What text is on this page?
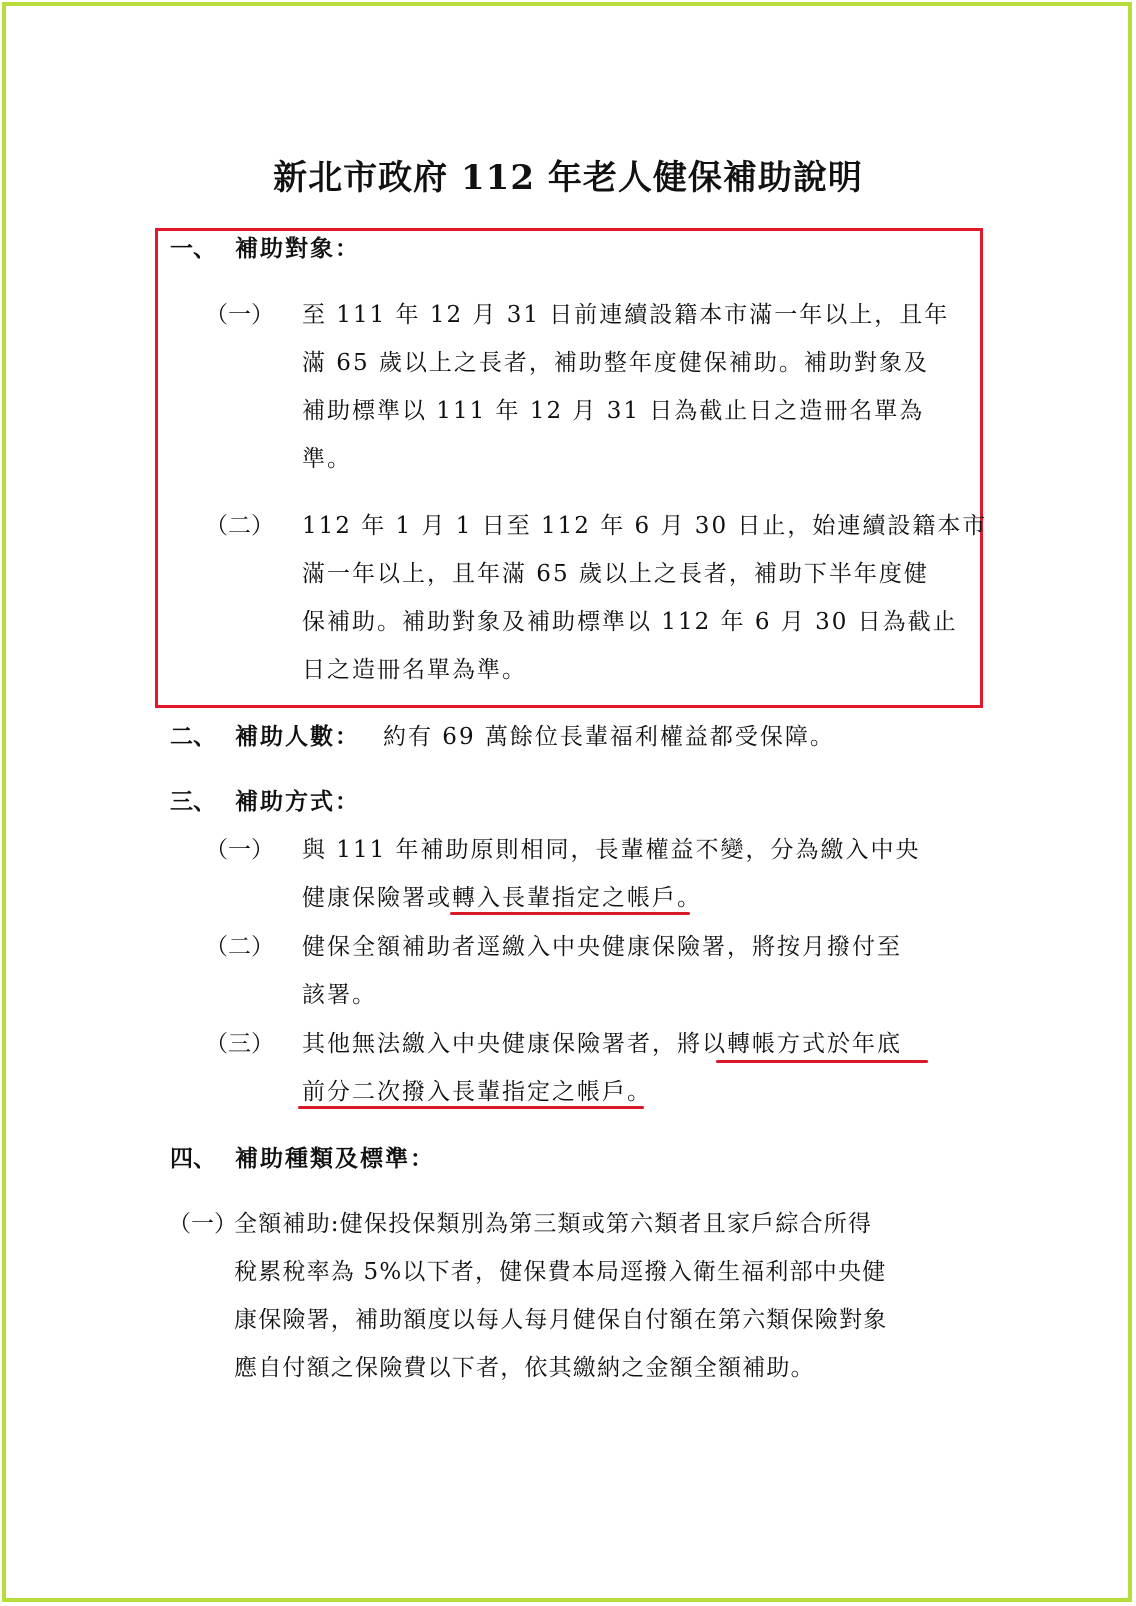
新北市政府 112 年老人健保補助說明
一、 補助對象：
（一） 至 111 年 12 月 31 日前連續設籍本市滿一年以上，且年
滿 65 歲以上之長者，補助整年度健保補助。補助對象及
補助標準以 111 年 12 月 31 日為截止日之造冊名單為
準。
（二） 112 年 1 月 1 日至 112 年 6 月 30 日止，始連續設籍本市
滿一年以上，且年滿 65 歲以上之長者，補助下半年度健
保補助。補助對象及補助標準以 112 年 6 月 30 日為截止
日之造冊名單為準。
二、 補助人數： 約有 69 萬餘位長輩福利權益都受保障。
三、 補助方式：
（一） 與 111 年補助原則相同，長輩權益不變，分為繳入中央
健康保險署或轉入長輩指定之帳戶。
（二） 健保全額補助者逕繳入中央健康保險署，將按月撥付至
該署。
（三） 其他無法繳入中央健康保險署者，將以轉帳方式於年底
前分二次撥入長輩指定之帳戶。
四、 補助種類及標準：
（一）
全額補助:健保投保類別為第三類或第六類者且家戶綜合所得
稅累稅率為 5%以下者，健保費本局逕撥入衛生福利部中央健
康保險署，補助額度以每人每月健保自付額在第六類保險對象
應自付額之保險費以下者，依其繳納之金額全額補助。
